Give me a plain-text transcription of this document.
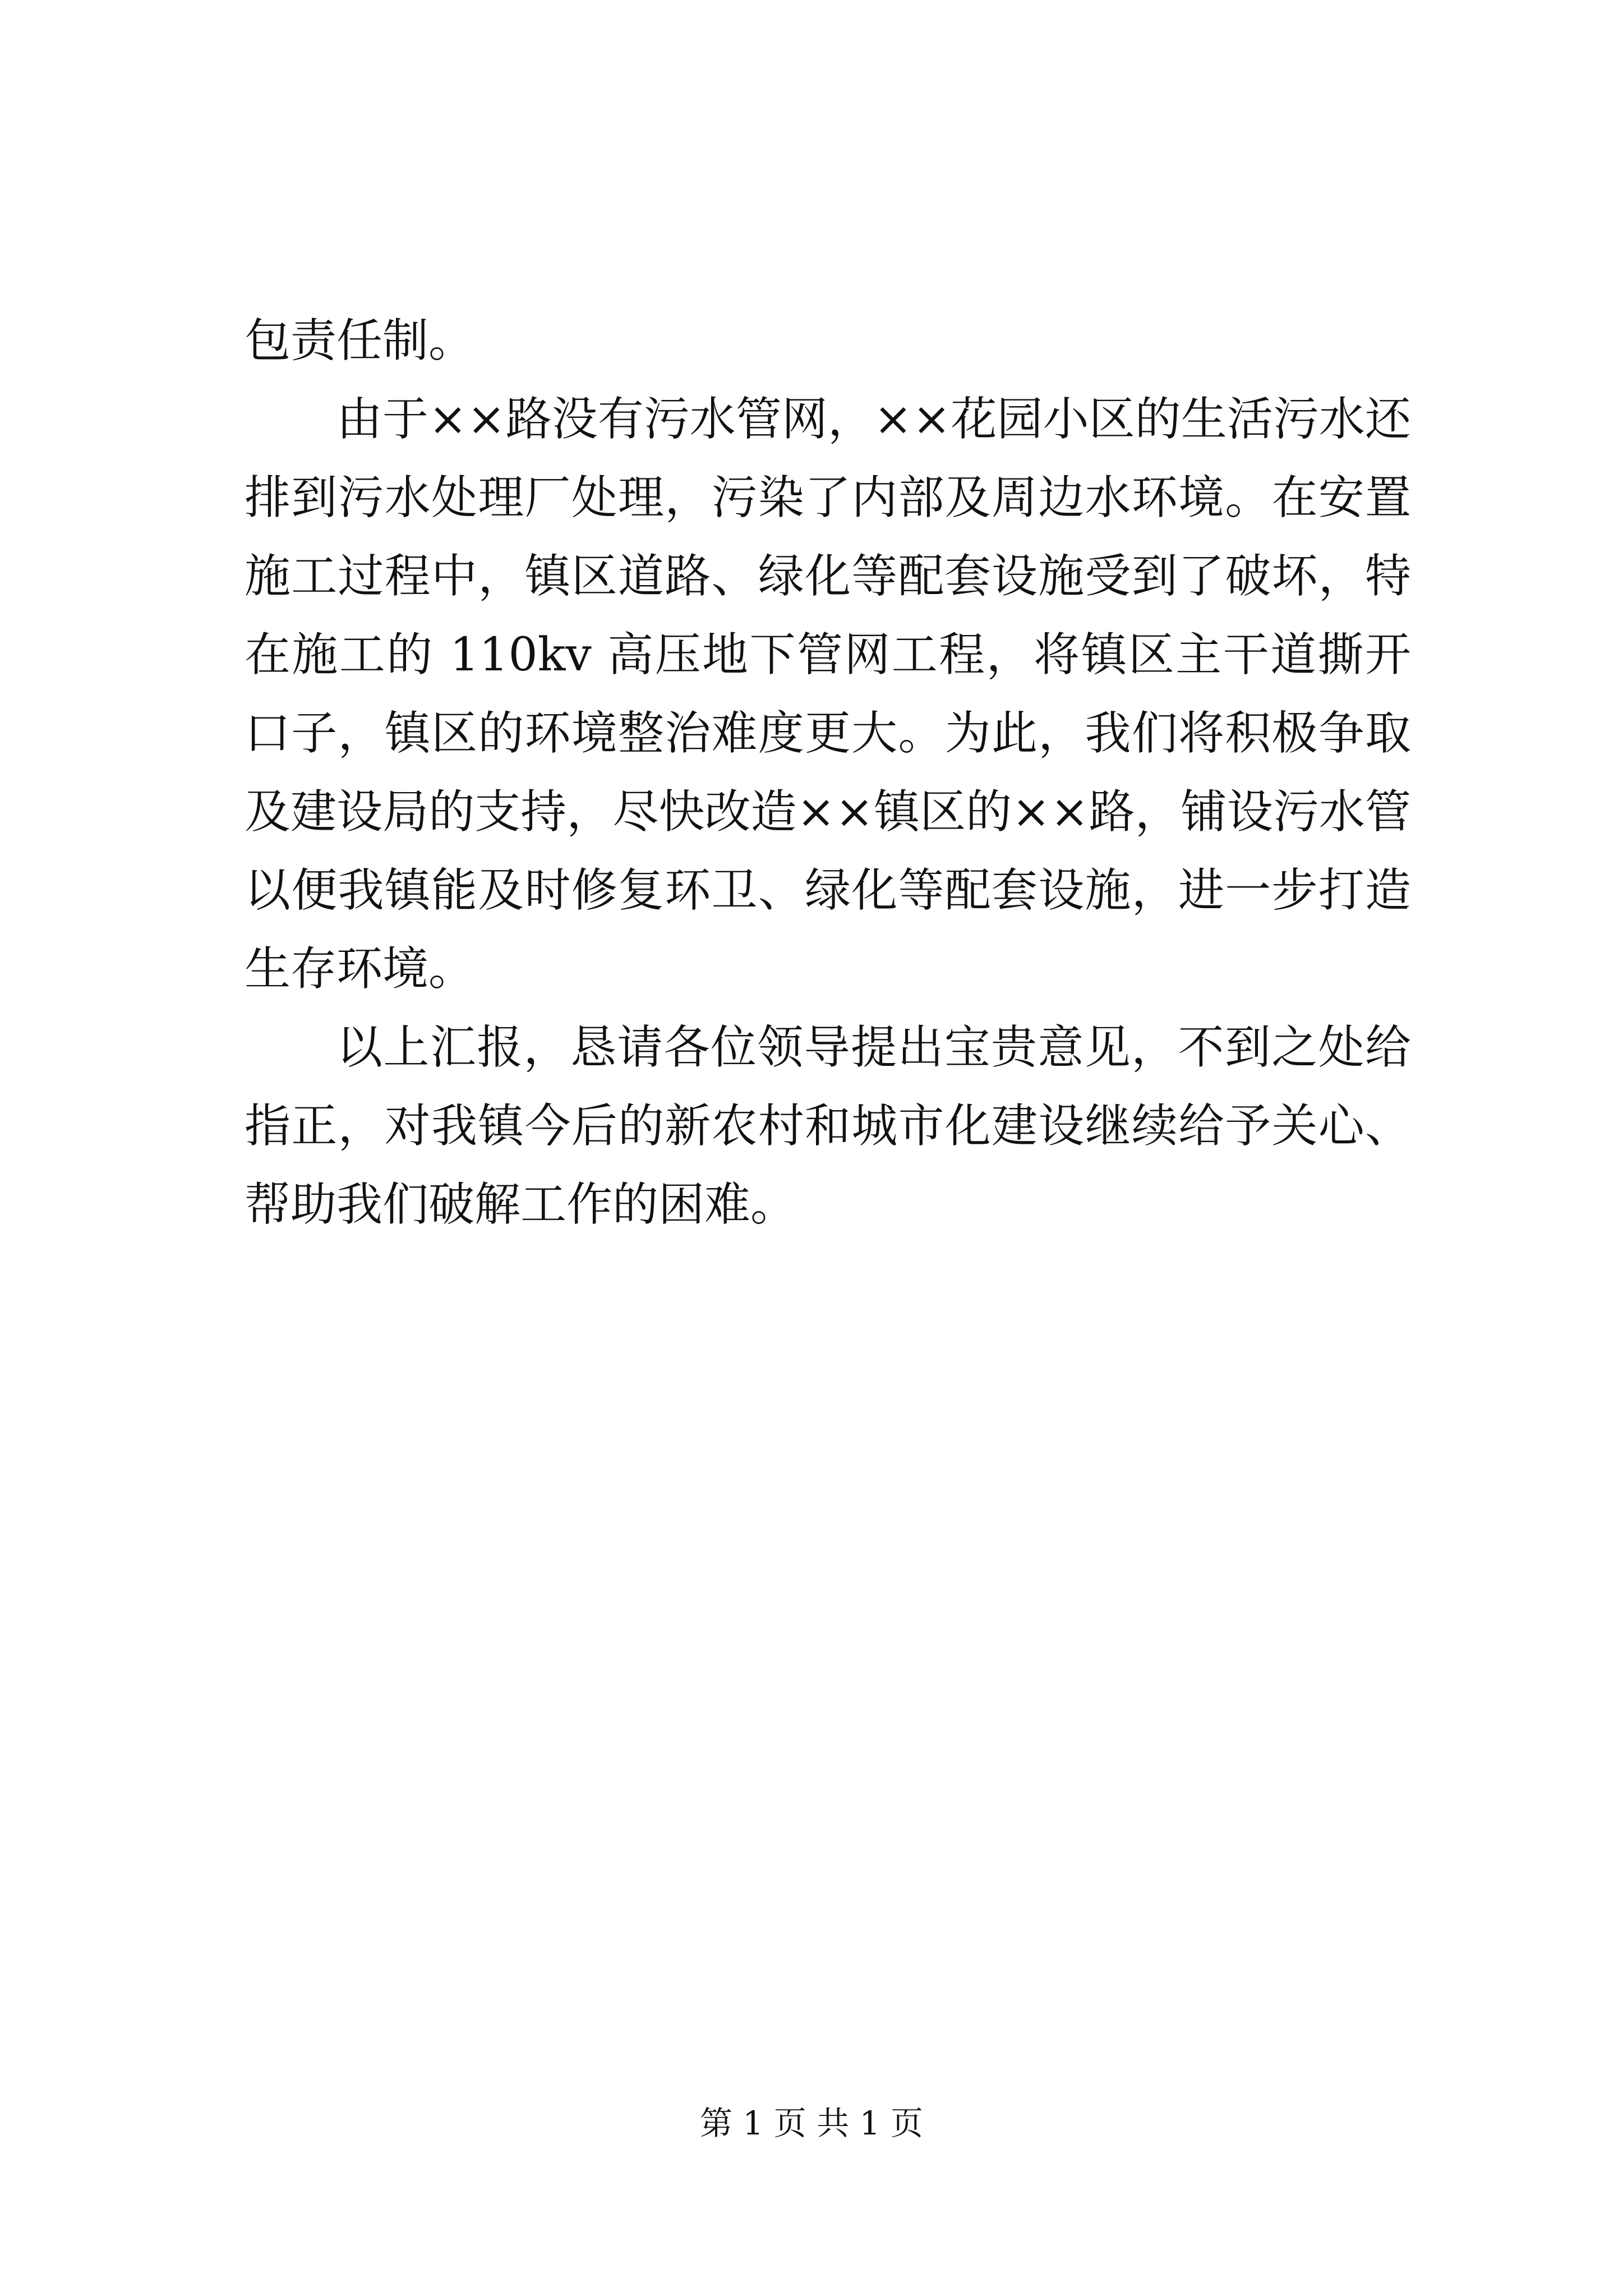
包责任制。
由于××路没有污水管网，××花园小区的生活污水还
排到污水处理厂处理，污染了内部及周边水环境。在安置
施工过程中，镇区道路、绿化等配套设施受到了破坏，特
在施工的 110kv 高压地下管网工程，将镇区主干道撕开
口子，镇区的环境整治难度更大。为此，我们将积极争取
及建设局的支持，尽快改造××镇区的××路，铺设污水管
以便我镇能及时修复环卫、绿化等配套设施，进一步打造
生存环境。
以上汇报，恳请各位领导提出宝贵意见，不到之处给
指正，对我镇今后的新农村和城市化建设继续给予关心、
帮助我们破解工作的困难。
第 1 页 共 1 页
